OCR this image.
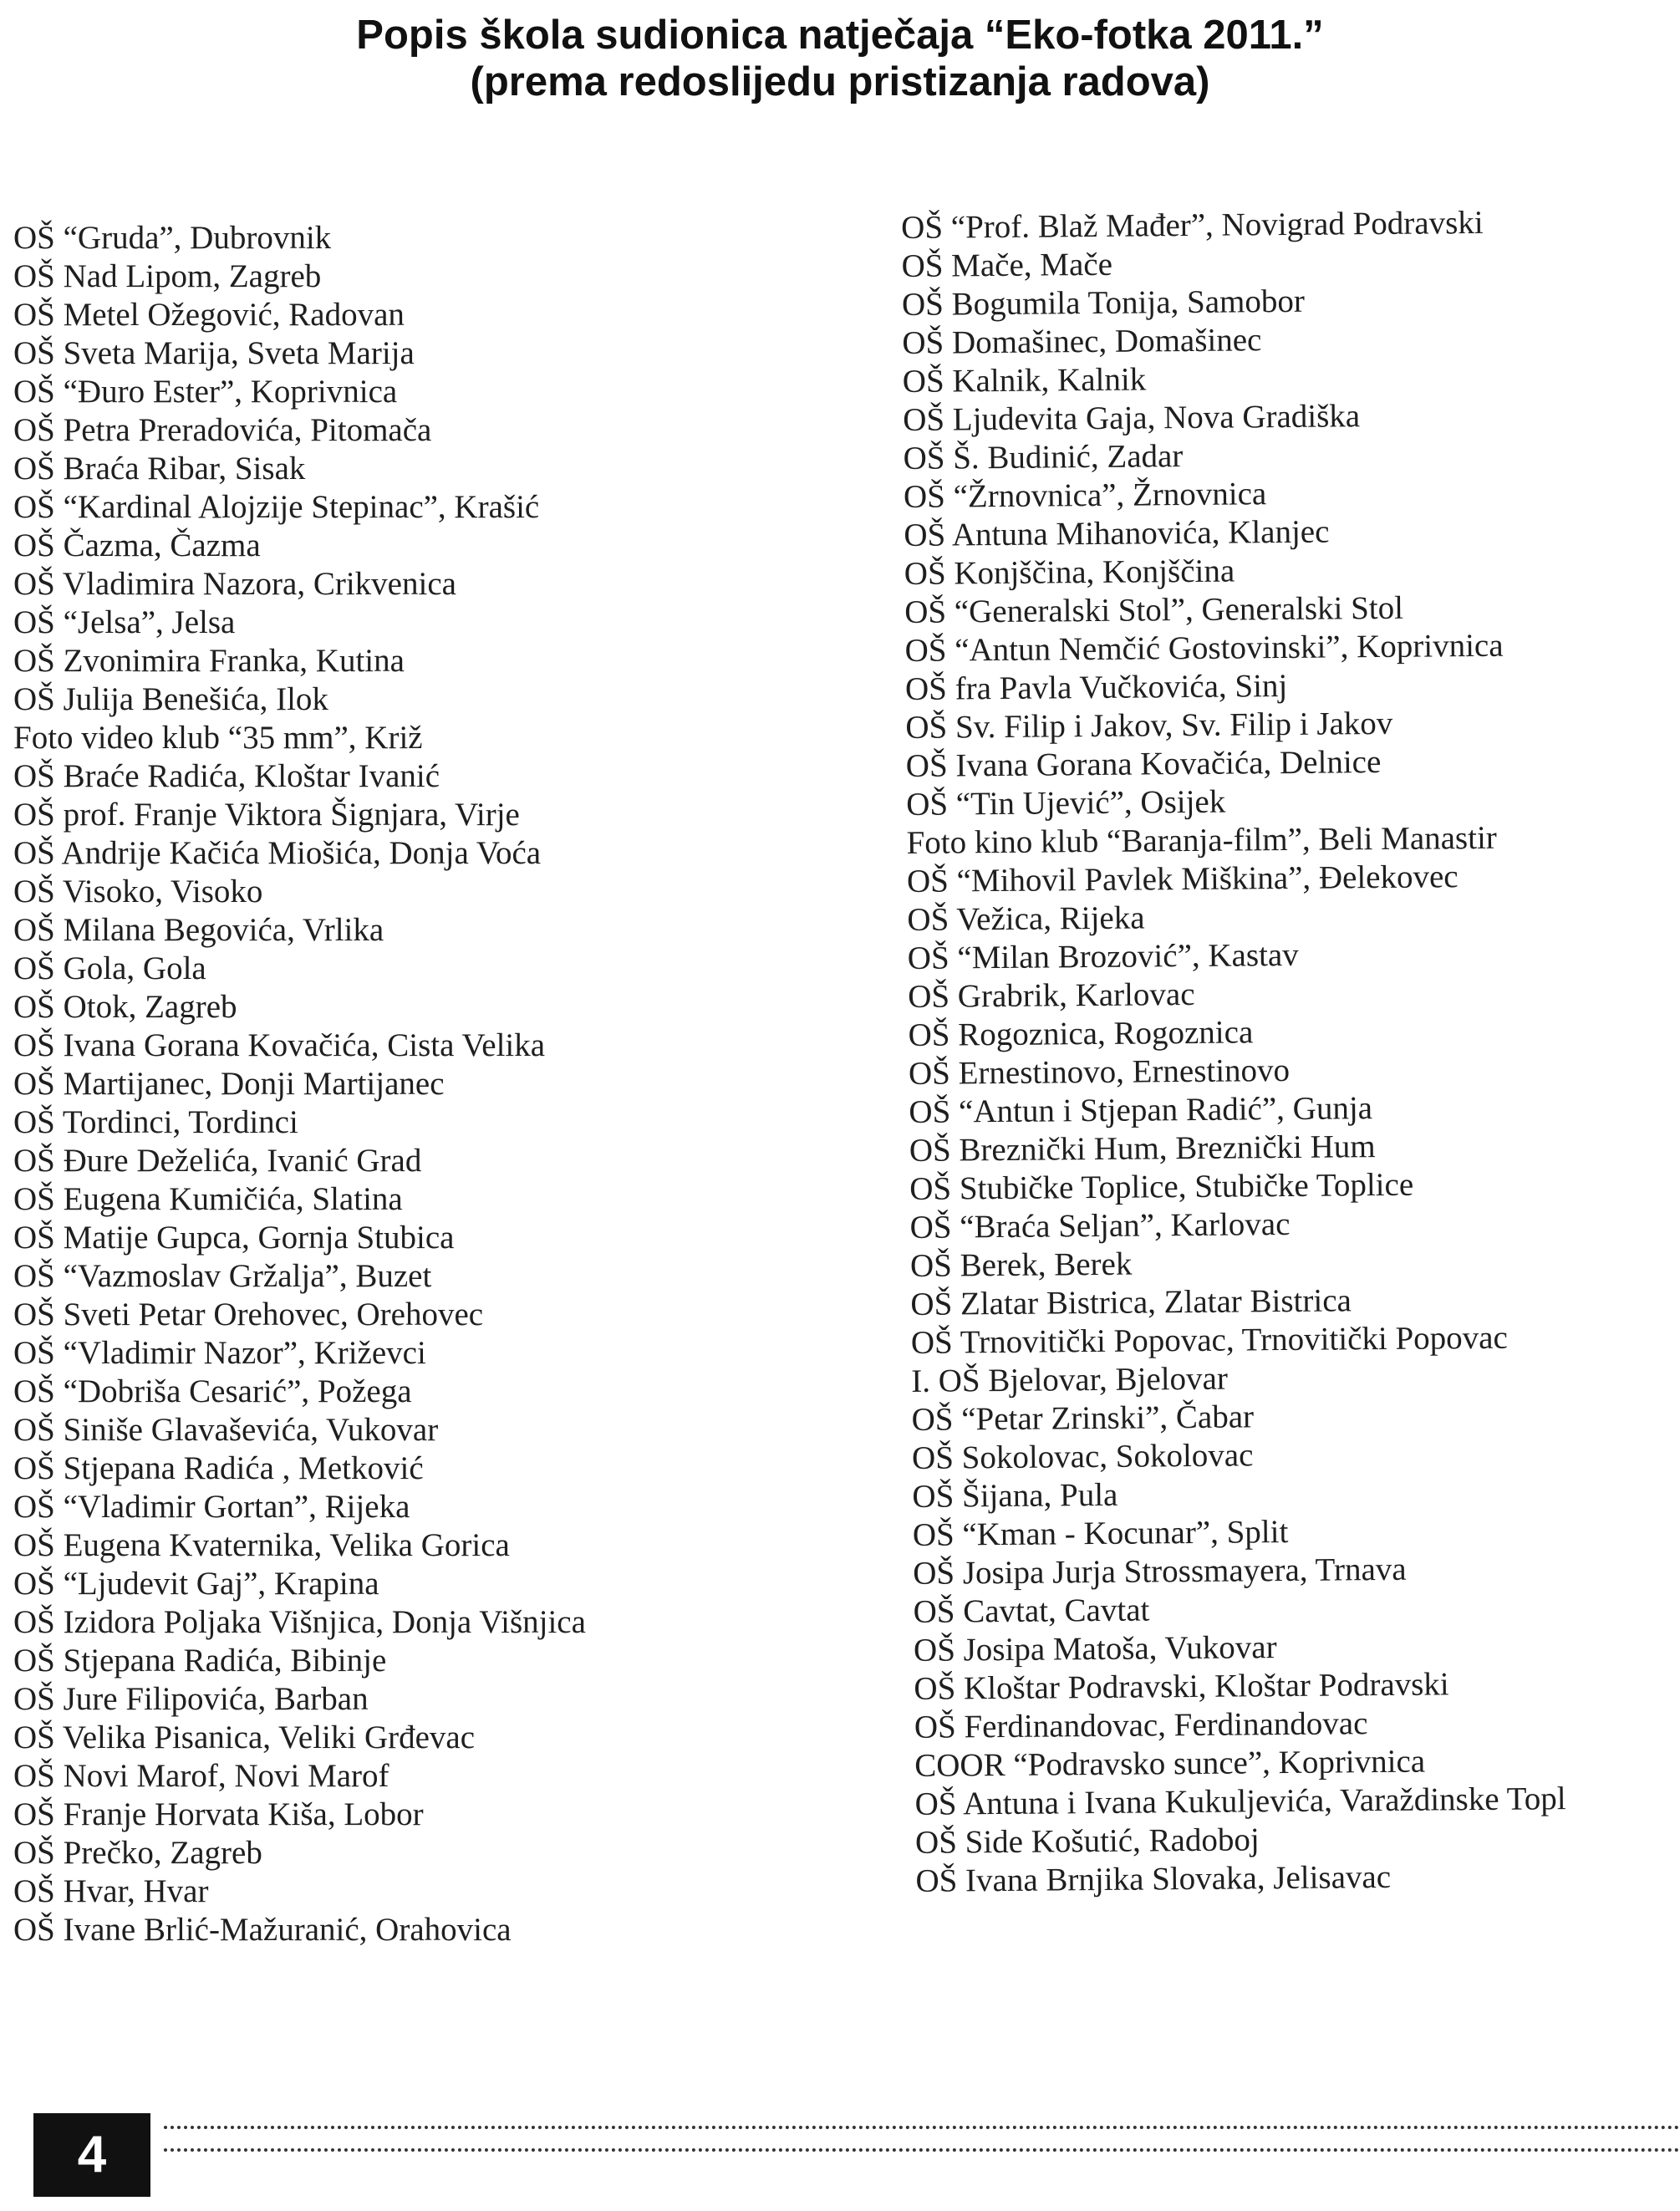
Popis škola sudionica natječaja “Eko-fotka 2011.”
(prema redoslijedu pristizanja radova)
OŠ “Gruda”, Dubrovnik
OŠ Nad Lipom, Zagreb
OŠ Metel Ožegović, Radovan
OŠ Sveta Marija, Sveta Marija
OŠ “Đuro Ester”, Koprivnica
OŠ Petra Preradovića, Pitomača
OŠ Braća Ribar, Sisak
OŠ “Kardinal Alojzije Stepinac”, Krašić
OŠ Čazma, Čazma
OŠ Vladimira Nazora, Crikvenica
OŠ “Jelsa”, Jelsa
OŠ Zvonimira Franka, Kutina
OŠ Julija Benešića, Ilok
Foto video klub “35 mm”, Križ
OŠ Braće Radića, Kloštar Ivanić
OŠ prof. Franje Viktora Šignjara, Virje
OŠ Andrije Kačića Miošića, Donja Voća
OŠ Visoko, Visoko
OŠ Milana Begovića, Vrlika
OŠ Gola, Gola
OŠ Otok, Zagreb
OŠ Ivana Gorana Kovačića, Cista Velika
OŠ Martijanec, Donji Martijanec
OŠ Tordinci, Tordinci
OŠ Đure Deželića, Ivanić Grad
OŠ Eugena Kumičića, Slatina
OŠ Matije Gupca, Gornja Stubica
OŠ “Vazmoslav Gržalja”, Buzet
OŠ Sveti Petar Orehovec, Orehovec
OŠ “Vladimir Nazor”, Križevci
OŠ “Dobriša Cesarić”, Požega
OŠ Siniše Glavaševića, Vukovar
OŠ Stjepana Radića , Metković
OŠ “Vladimir Gortan”, Rijeka
OŠ Eugena Kvaternika, Velika Gorica
OŠ “Ljudevit Gaj”, Krapina
OŠ Izidora Poljaka Višnjica, Donja Višnjica
OŠ Stjepana Radića, Bibinje
OŠ Jure Filipovića, Barban
OŠ Velika Pisanica, Veliki Grđevac
OŠ Novi Marof, Novi Marof
OŠ Franje Horvata Kiša, Lobor
OŠ Prečko, Zagreb
OŠ Hvar, Hvar
OŠ Ivane Brlić-Mažuranić, Orahovica
OŠ “Prof. Blaž Mađer”, Novigrad Podravski
OŠ Mače, Mače
OŠ Bogumila Tonija, Samobor
OŠ Domašinec, Domašinec
OŠ Kalnik, Kalnik
OŠ Ljudevita Gaja, Nova Gradiška
OŠ Š. Budinić, Zadar
OŠ “Žrnovnica”, Žrnovnica
OŠ Antuna Mihanovića, Klanjec
OŠ Konjščina, Konjščina
OŠ “Generalski Stol”, Generalski Stol
OŠ “Antun Nemčić Gostovinski”, Koprivnica
OŠ fra Pavla Vučkovića, Sinj
OŠ Sv. Filip i Jakov, Sv. Filip i Jakov
OŠ Ivana Gorana Kovačića, Delnice
OŠ “Tin Ujević”, Osijek
Foto kino klub “Baranja-film”, Beli Manastir
OŠ “Mihovil Pavlek Miškina”, Đelekovec
OŠ Vežica, Rijeka
OŠ “Milan Brozović”, Kastav
OŠ Grabrik, Karlovac
OŠ Rogoznica, Rogoznica
OŠ Ernestinovo, Ernestinovo
OŠ “Antun i Stjepan Radić”, Gunja
OŠ Breznički Hum, Breznički Hum
OŠ Stubičke Toplice, Stubičke Toplice
OŠ “Braća Seljan”, Karlovac
OŠ Berek, Berek
OŠ Zlatar Bistrica, Zlatar Bistrica
OŠ Trnovitički Popovac, Trnovitički Popovac
I. OŠ Bjelovar, Bjelovar
OŠ “Petar Zrinski”, Čabar
OŠ Sokolovac, Sokolovac
OŠ Šijana, Pula
OŠ “Kman - Kocunar”, Split
OŠ Josipa Jurja Strossmayera, Trnava
OŠ Cavtat, Cavtat
OŠ Josipa Matoša, Vukovar
OŠ Kloštar Podravski, Kloštar Podravski
OŠ Ferdinandovac, Ferdinandovac
COOR “Podravsko sunce”, Koprivnica
OŠ Antuna i Ivana Kukuljevića, Varaždinske Topl
OŠ Side Košutić, Radoboj
OŠ Ivana Brnjika Slovaka, Jelisavac
4
